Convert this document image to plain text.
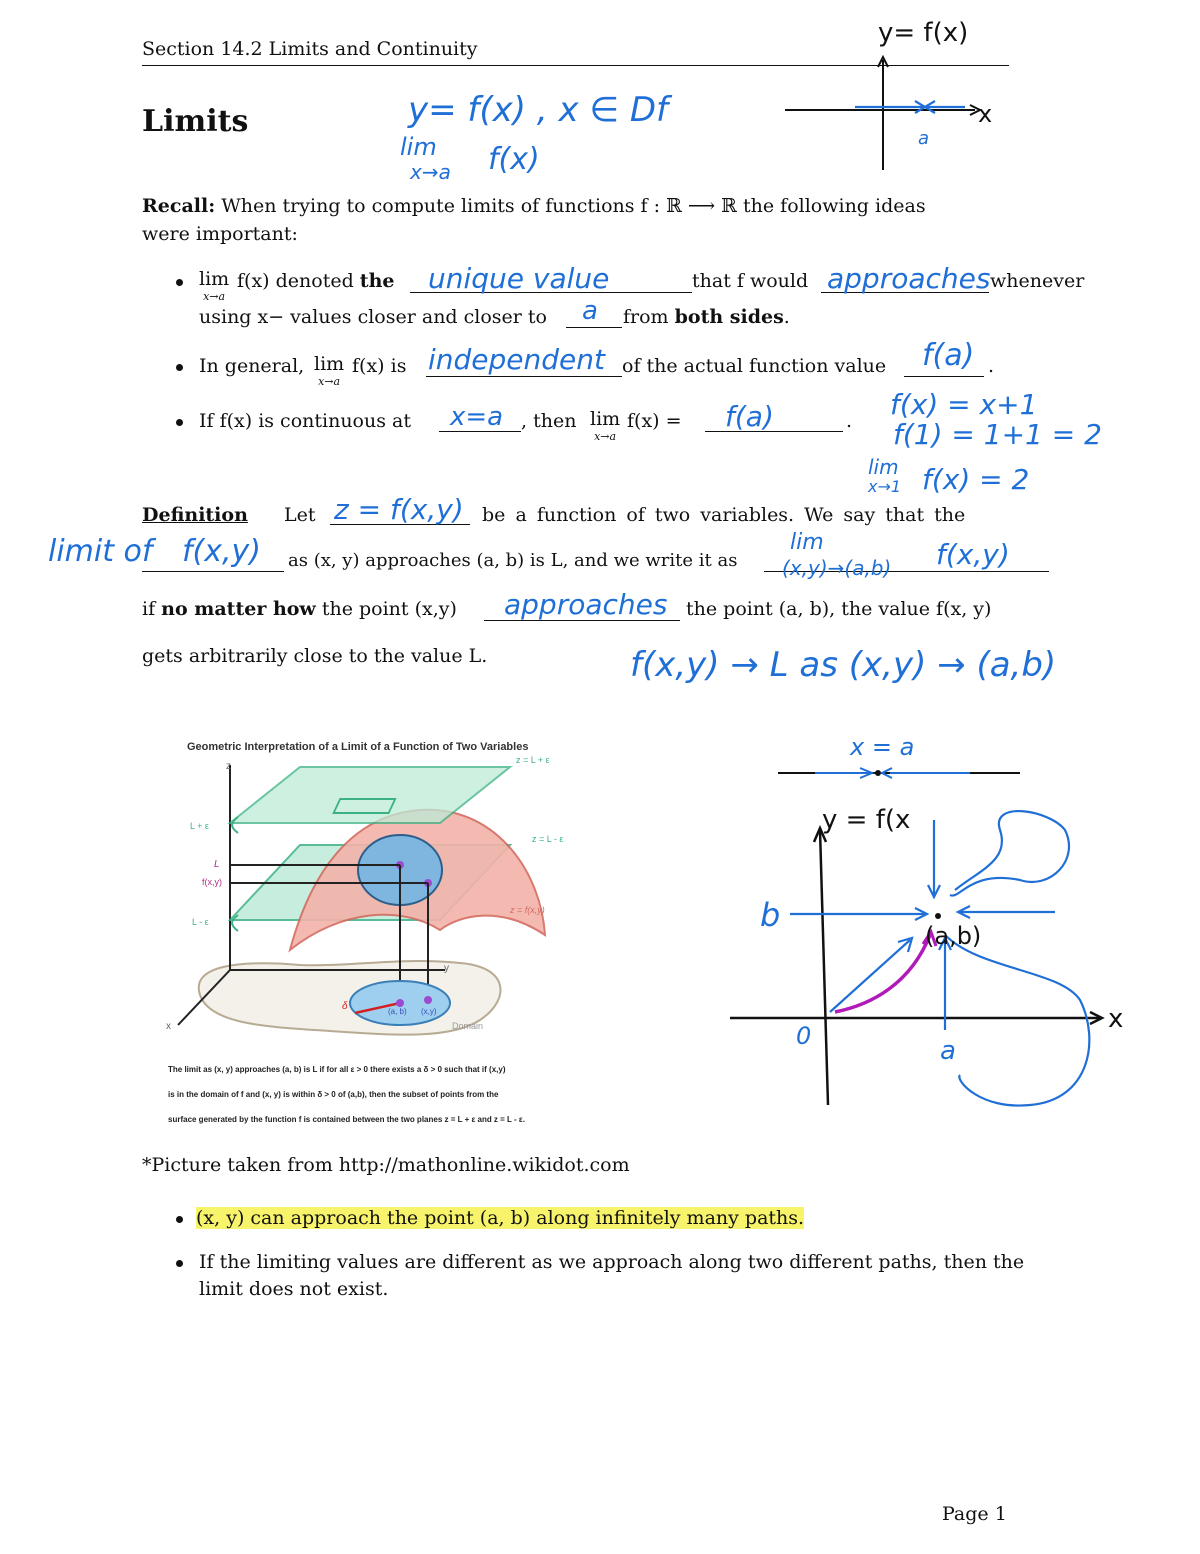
Section 14.2 Limits and Continuity
y= f(x)
x
a
Limits	y= f(x) , x ∈ Df
lim
x→a f(x)
Recall: When trying to compute limits of functions f : ℝ ⟶ ℝ the following ideas
were important:
lim
x→a
f(x) denoted the unique value	that f would approaches whenever
using x− values closer and closer to a from both sides.
In general, lim
x→a
f(x) is independent of the actual function value f(a) .
If f(x) is continuous at x=a , then lim
x→a
f(x) = f(a)	. f(x) = x+1
f(1) = 1+1 = 2
lim
x→1 f(x) = 2
Definition Let z = f(x,y) be a function of two variables. We say that the
limit of f(x,y) as (x, y) approaches (a, b) is L, and we write it as
lim
(x,y)→(a,b) f(x,y)
if no matter how the point (x,y) approaches the point (a, b), the value f(x, y)
gets arbitrarily close to the value L.	f(x,y) → L as (x,y) → (a,b)
Geometric Interpretation of a Limit of a Function of Two Variables
z
y
x
z = L + ε
z = L - ε
L + ε
L
f(x,y)
L - ε
z = f(x,y)
δ	(a, b) (x,y)
Domain
The limit as (x, y) approaches (a, b) is L if for all ε > 0 there exists a δ > 0 such that if (x,y)
is in the domain of f and (x, y) is within δ > 0 of (a,b), then the subset of points from the
surface generated by the function f is contained between the two planes z = L + ε and z = L - ε.
x = a
y = f(x
b
(a,b)
0	a
x
*Picture taken from http://mathonline.wikidot.com
(x, y) can approach the point (a, b) along infinitely many paths.
If the limiting values are different as we approach along two different paths, then the
limit does not exist.
Page 1
